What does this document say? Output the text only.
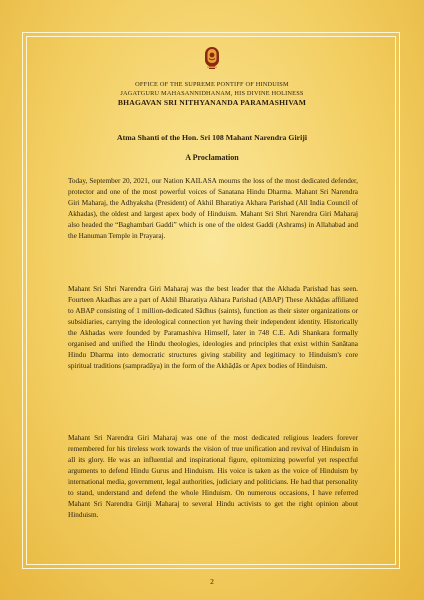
OFFICE OF THE SUPREME PONTIFF OF HINDUISM
JAGATGURU MAHASANNIDHANAM, HIS DIVINE HOLINESS
BHAGAVAN SRI NITHYANANDA PARAMASHIVAM
Atma Shanti of the Hon. Sri 108 Mahant Narendra Giriji
A Proclamation
Today, September 20, 2021, our Nation KAILASA mourns the loss of the most dedicated defender, protector and one of the most powerful voices of Sanatana Hindu Dharma. Mahant Sri Narendra Giri Maharaj, the Adhyaksha (President) of Akhil Bharatiya Akhara Parishad (All India Council of Akhadas), the oldest and largest apex body of Hinduism. Mahant Sri Shri Narendra Giri Maharaj also headed the “Baghambari Gaddi” which is one of the oldest Gaddi (Ashrams) in Allahabad and the Hanuman Temple in Prayaraj.
Mahant Sri Shri Narendra Giri Maharaj was the best leader that the Akhada Parishad has seen. Fourteen Akadhas are a part of Akhil Bharatiya Akhara Parishad (ABAP) These Akhāḍas affiliated to ABAP consisting of 1 million-dedicated Sādhus (saints), function as their sister organizations or subsidiaries, carrying the ideological connection yet having their independent identity. Historically the Akhadas were founded by Paramashiva Himself, later in 748 C.E. Adi Shankara formally organised and unified the Hindu theologies, ideologies and principles that exist within Sanātana Hindu Dharma into democratic structures giving stability and legitimacy to Hinduism's core spiritual traditions (sampradāya) in the form of the Akhāḍās or Apex bodies of Hinduism.
Mahant Sri Narendra Giri Maharaj was one of the most dedicated religious leaders forever remembered for his tireless work towards the vision of true unification and revival of Hinduism in all its glory. He was an influential and inspirational figure, epitomizing powerful yet respectful arguments to defend Hindu Gurus and Hinduism. His voice is taken as the voice of Hinduism by international media, government, legal authorities, judiciary and politicians. He had that personality to stand, understand and defend the whole Hinduism. On numerous occasions, I have referred Mahant Sri Narendra Giriji Maharaj to several Hindu activists to get the right opinion about Hinduism.
2
